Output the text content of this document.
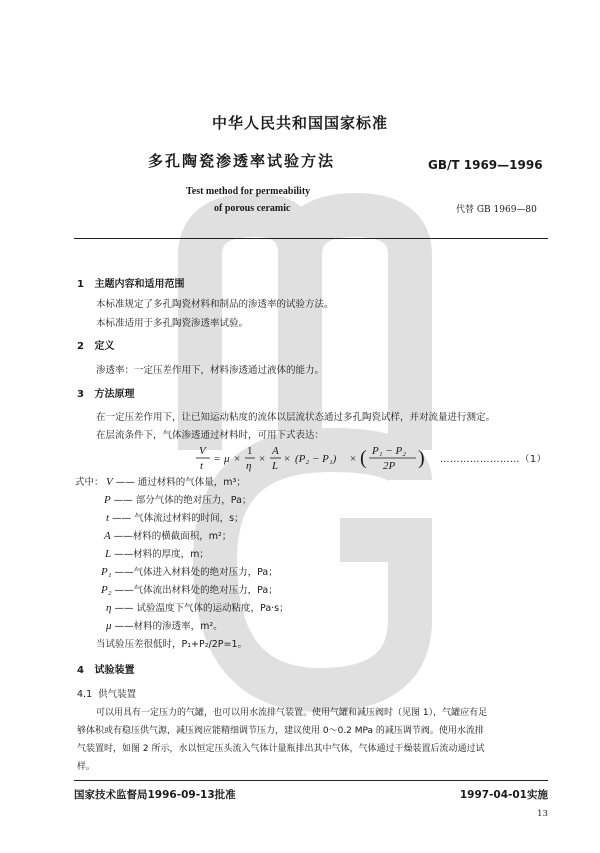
中华人民共和国国家标准
多孔陶瓷渗透率试验方法	GB/T 1969—1996
Test method for permeability
of porous ceramic	代替 GB 1969—80
1 主题内容和适用范围
本标准规定了多孔陶瓷材料和制品的渗透率的试验方法。
本标准适用于多孔陶瓷渗透率试验。
2 定义
渗透率：一定压差作用下，材料渗透通过液体的能力。
3 方法原理
在一定压差作用下，让已知运动粘度的流体以层流状态通过多孔陶瓷试样，并对流量进行测定。
在层流条件下，气体渗透通过材料时，可用下式表达：
V
t
= μ ×
1
η
×
A
L
× (P₂ − P₁) × ( P₁ − P₂
2P ) ……………………（1）
式中： V —— 通过材料的气体量，m³；
P —— 部分气体的绝对压力，Pa；
t —— 气体流过材料的时间，s；
A ——材料的横截面积，m²；
L ——材料的厚度，m；
P₁ ——气体进入材料处的绝对压力，Pa；
P₂ ——气体流出材料处的绝对压力，Pa；
η —— 试验温度下气体的运动粘度，Pa·s；
μ ——材料的渗透率，m²。
当试验压差很低时，P₁+P₂/2P=1。
4 试验装置
4.1 供气装置
可以用具有一定压力的气罐，也可以用水流排气装置。使用气罐和减压阀时（见图 1），气罐应有足
够体积或有稳压供气源，减压阀应能精细调节压力，建议使用 0～0.2 MPa 的减压调节阀。使用水流排
气装置时，如图 2 所示，水以恒定压头流入气体计量瓶排出其中气体，气体通过干燥装置后流动通过试
样。
国家技术监督局1996-09-13批准	1997-04-01实施
13
